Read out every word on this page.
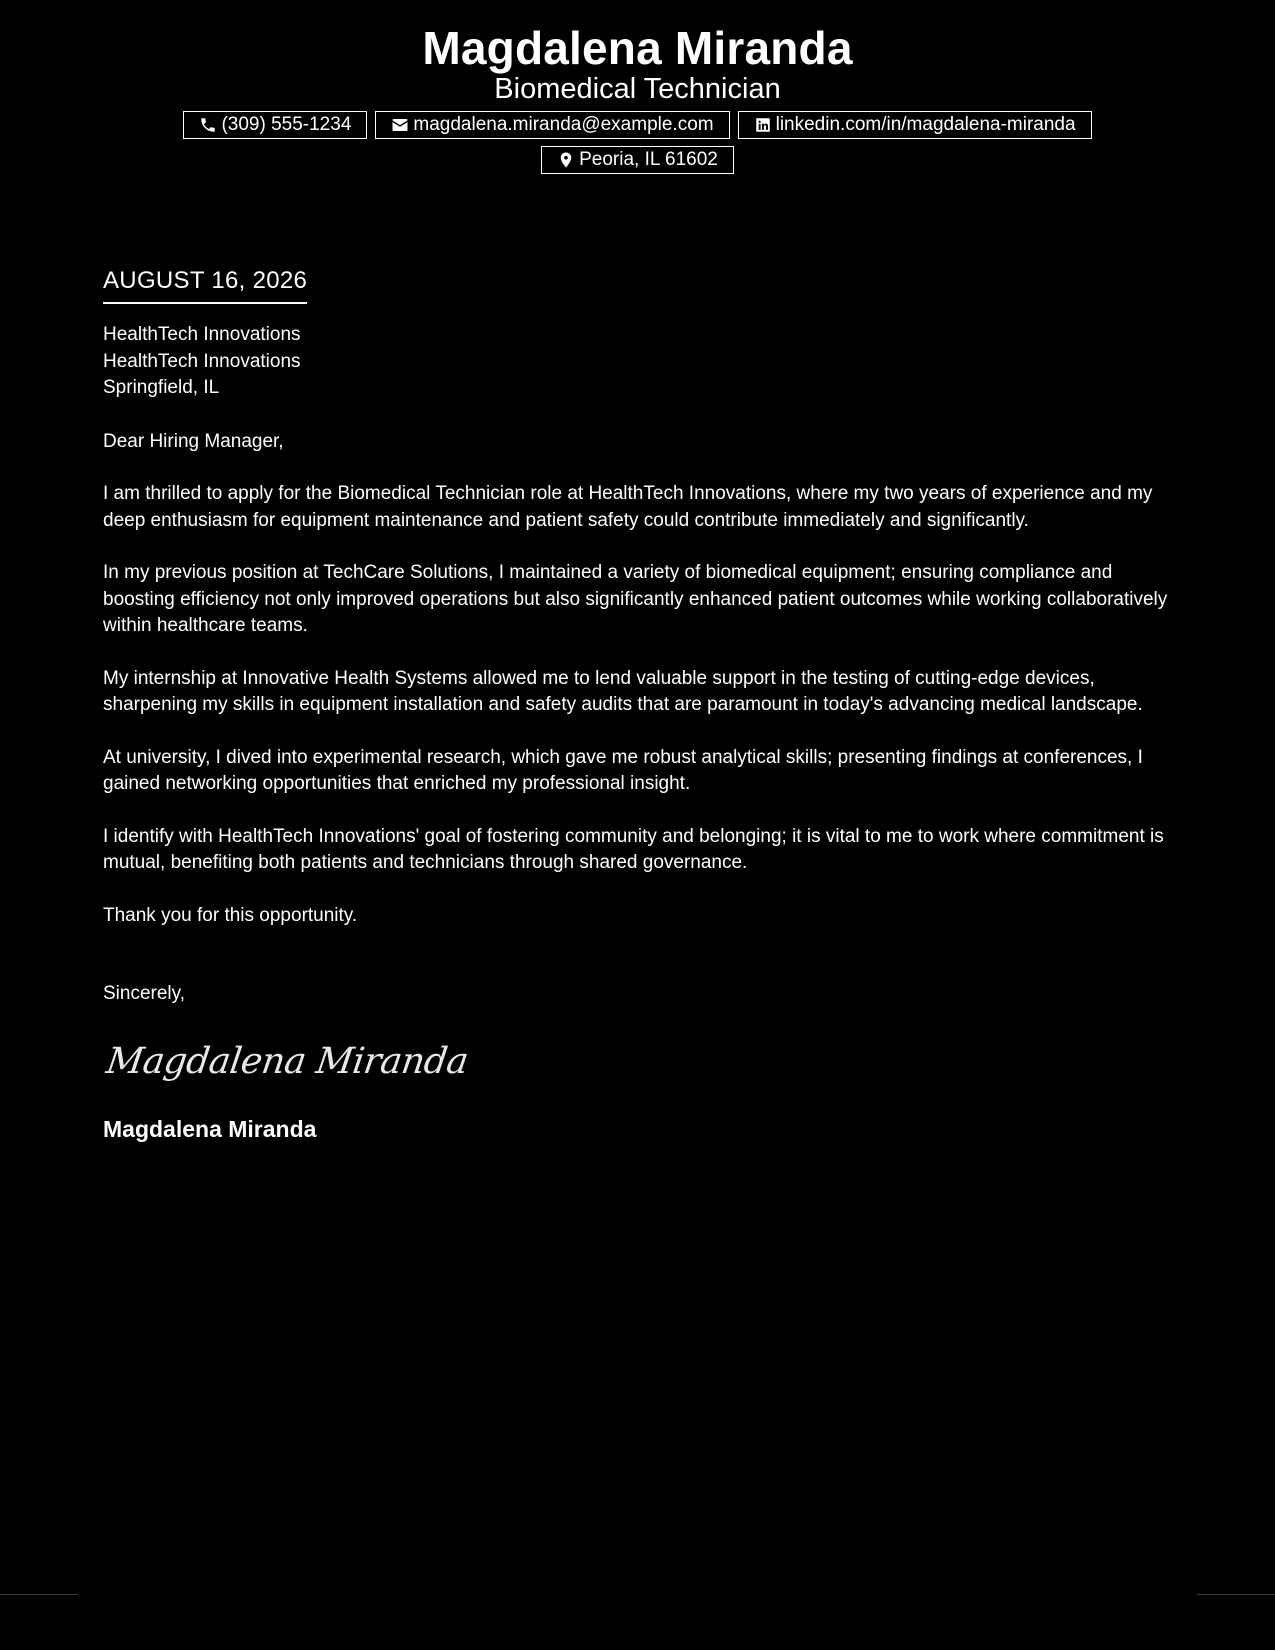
Magdalena Miranda
Biomedical Technician
(309) 555-1234	magdalena.miranda@example.com	linkedin.com/in/magdalena-miranda
Peoria, IL 61602
AUGUST 16, 2026
HealthTech Innovations
HealthTech Innovations
Springfield, IL
Dear Hiring Manager,

I am thrilled to apply for the Biomedical Technician role at HealthTech Innovations, where my two years of experience and my deep enthusiasm for equipment maintenance and patient safety could contribute immediately and significantly.

In my previous position at TechCare Solutions, I maintained a variety of biomedical equipment; ensuring compliance and boosting efficiency not only improved operations but also significantly enhanced patient outcomes while working collaboratively within healthcare teams.

My internship at Innovative Health Systems allowed me to lend valuable support in the testing of cutting-edge devices, sharpening my skills in equipment installation and safety audits that are paramount in today's advancing medical landscape.

At university, I dived into experimental research, which gave me robust analytical skills; presenting findings at conferences, I gained networking opportunities that enriched my professional insight.

I identify with HealthTech Innovations' goal of fostering community and belonging; it is vital to me to work where commitment is mutual, benefiting both patients and technicians through shared governance.

Thank you for this opportunity.

Sincerely,
Magdalena Miranda
Magdalena Miranda
